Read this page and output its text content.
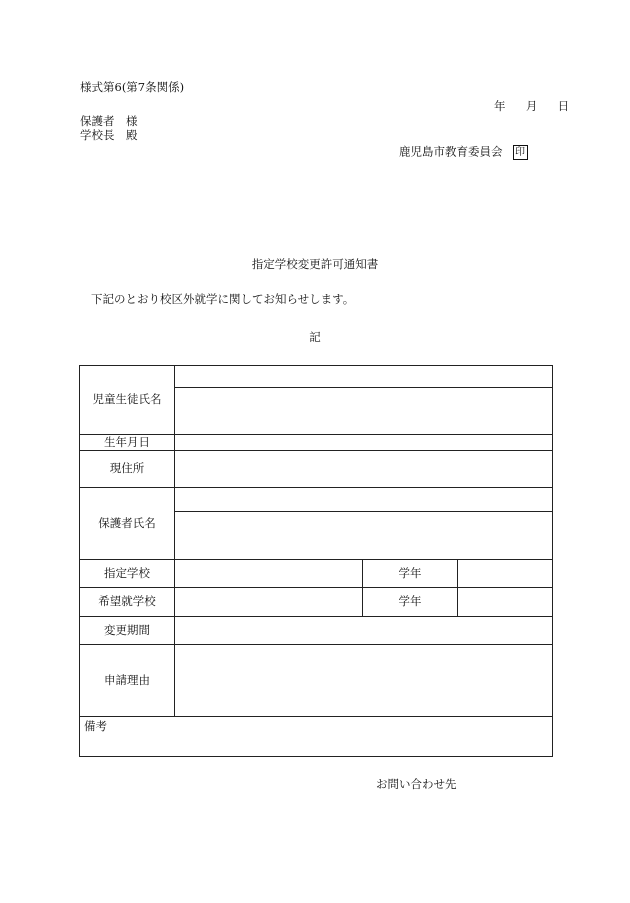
様式第6(第7条関係)
年 月 日
保護者　様
学校長　殿
鹿児島市教育委員会 印
指定学校変更許可通知書
下記のとおり校区外就学に関してお知らせします。
記
児童生徒氏名			

生年月日			
現住所			
保護者氏名			

指定学校		学年	
希望就学校		学年	
変更期間			
申請理由			
備考			
お問い合わせ先
